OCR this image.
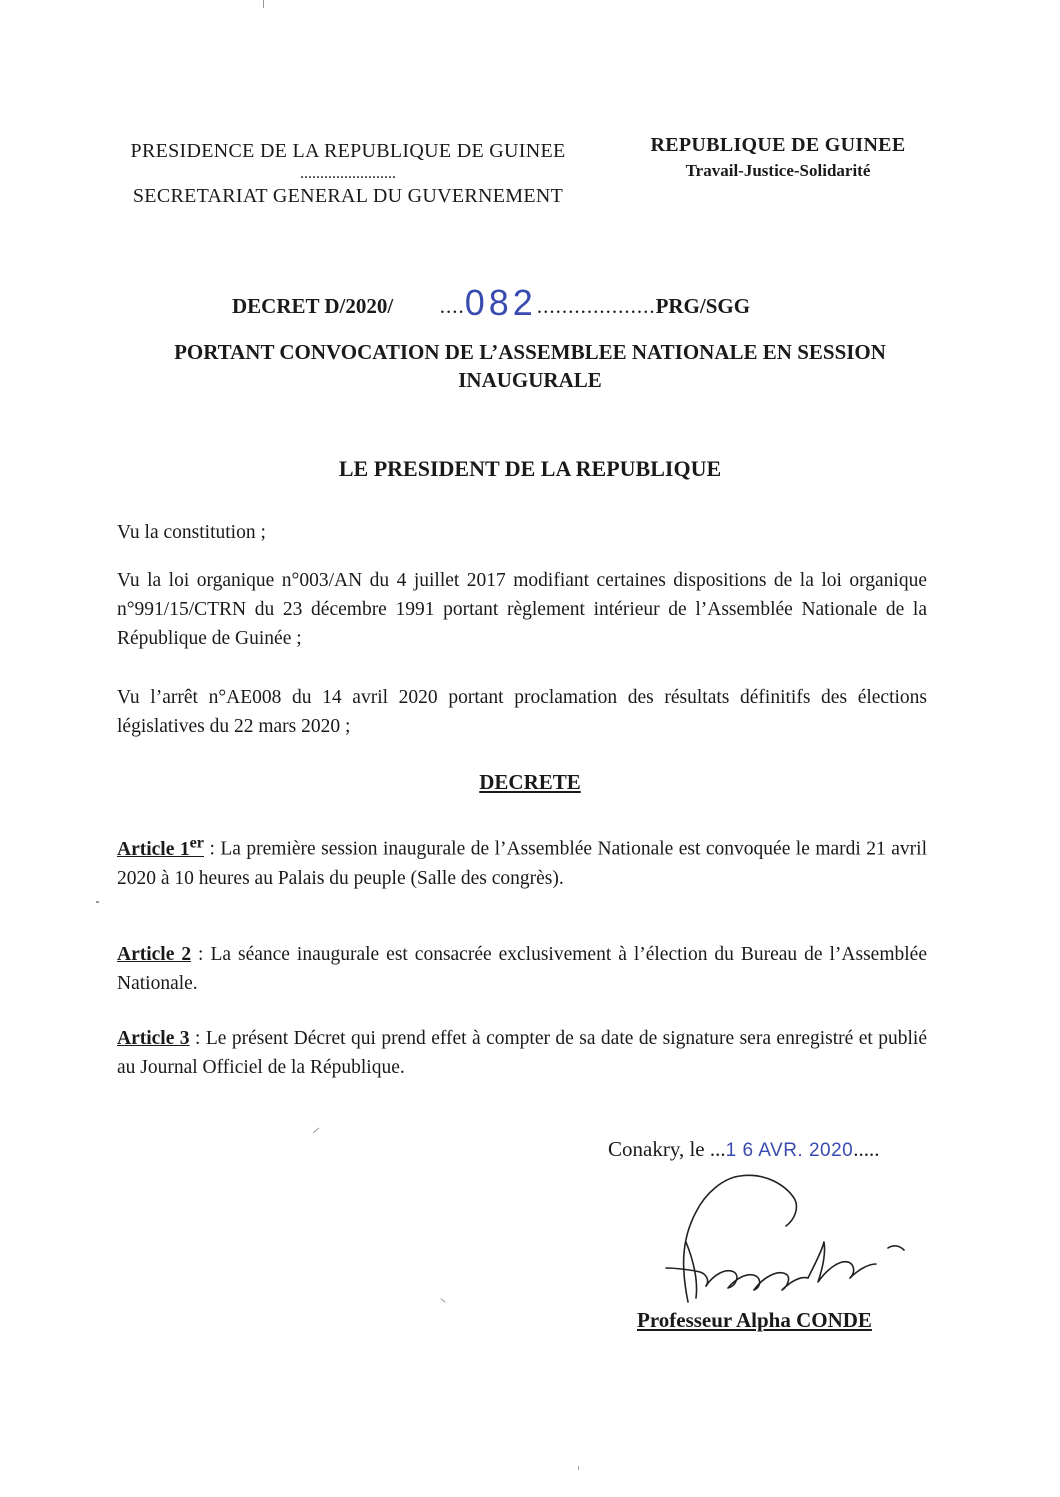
PRESIDENCE DE LA REPUBLIQUE DE GUINEE
........................
SECRETARIAT GENERAL DU GUVERNEMENT
REPUBLIQUE DE GUINEE
Travail-Justice-Solidarité
DECRET D/2020/ ....082...................PRG/SGG
PORTANT CONVOCATION DE L’ASSEMBLEE NATIONALE EN SESSION INAUGURALE
LE PRESIDENT DE LA REPUBLIQUE
Vu la constitution ;
Vu la loi organique n°003/AN du 4 juillet 2017 modifiant certaines dispositions de la loi organique n°991/15/CTRN du 23 décembre 1991 portant règlement intérieur de l’Assemblée Nationale de la République de Guinée ;
Vu l’arrêt n°AE008 du 14 avril 2020 portant proclamation des résultats définitifs des élections législatives du 22 mars 2020 ;
DECRETE
Article 1er : La première session inaugurale de l’Assemblée Nationale est convoquée le mardi 21 avril 2020 à 10 heures au Palais du peuple (Salle des congrès).
Article 2 : La séance inaugurale est consacrée exclusivement à l’élection du Bureau de l’Assemblée Nationale.
Article 3 : Le présent Décret qui prend effet à compter de sa date de signature sera enregistré et publié au Journal Officiel de la République.
Conakry, le ...1 6 AVR. 2020.....
Professeur Alpha CONDE
